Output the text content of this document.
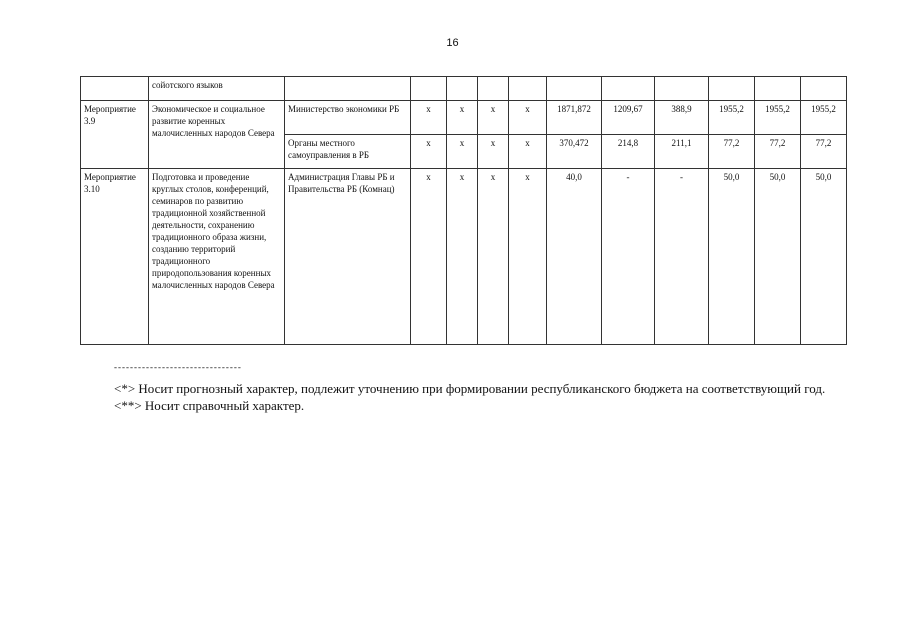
16
	сойотского языков											
Мероприятие 3.9	Экономическое и социальное развитие коренных малочисленных народов Севера	Министерство экономики РБ	x	x	x	x	1871,872	1209,67	388,9	1955,2	1955,2	1955,2
		Органы местного самоуправления в РБ	x	x	x	x	370,472	214,8	211,1	77,2	77,2	77,2
Мероприятие 3.10	Подготовка и проведение круглых столов, конференций, семинаров по развитию традиционной хозяйственной деятельности, сохранению традиционного образа жизни, созданию территорий традиционного природопользования коренных малочисленных народов Севера	Администрация Главы РБ и Правительства РБ (Комнац)	x	x	x	x	40,0	-	-	50,0	50,0	50,0
--------------------------------
<*> Носит прогнозный характер, подлежит уточнению при формировании республиканского бюджета на соответствующий год.
<**> Носит справочный характер.
